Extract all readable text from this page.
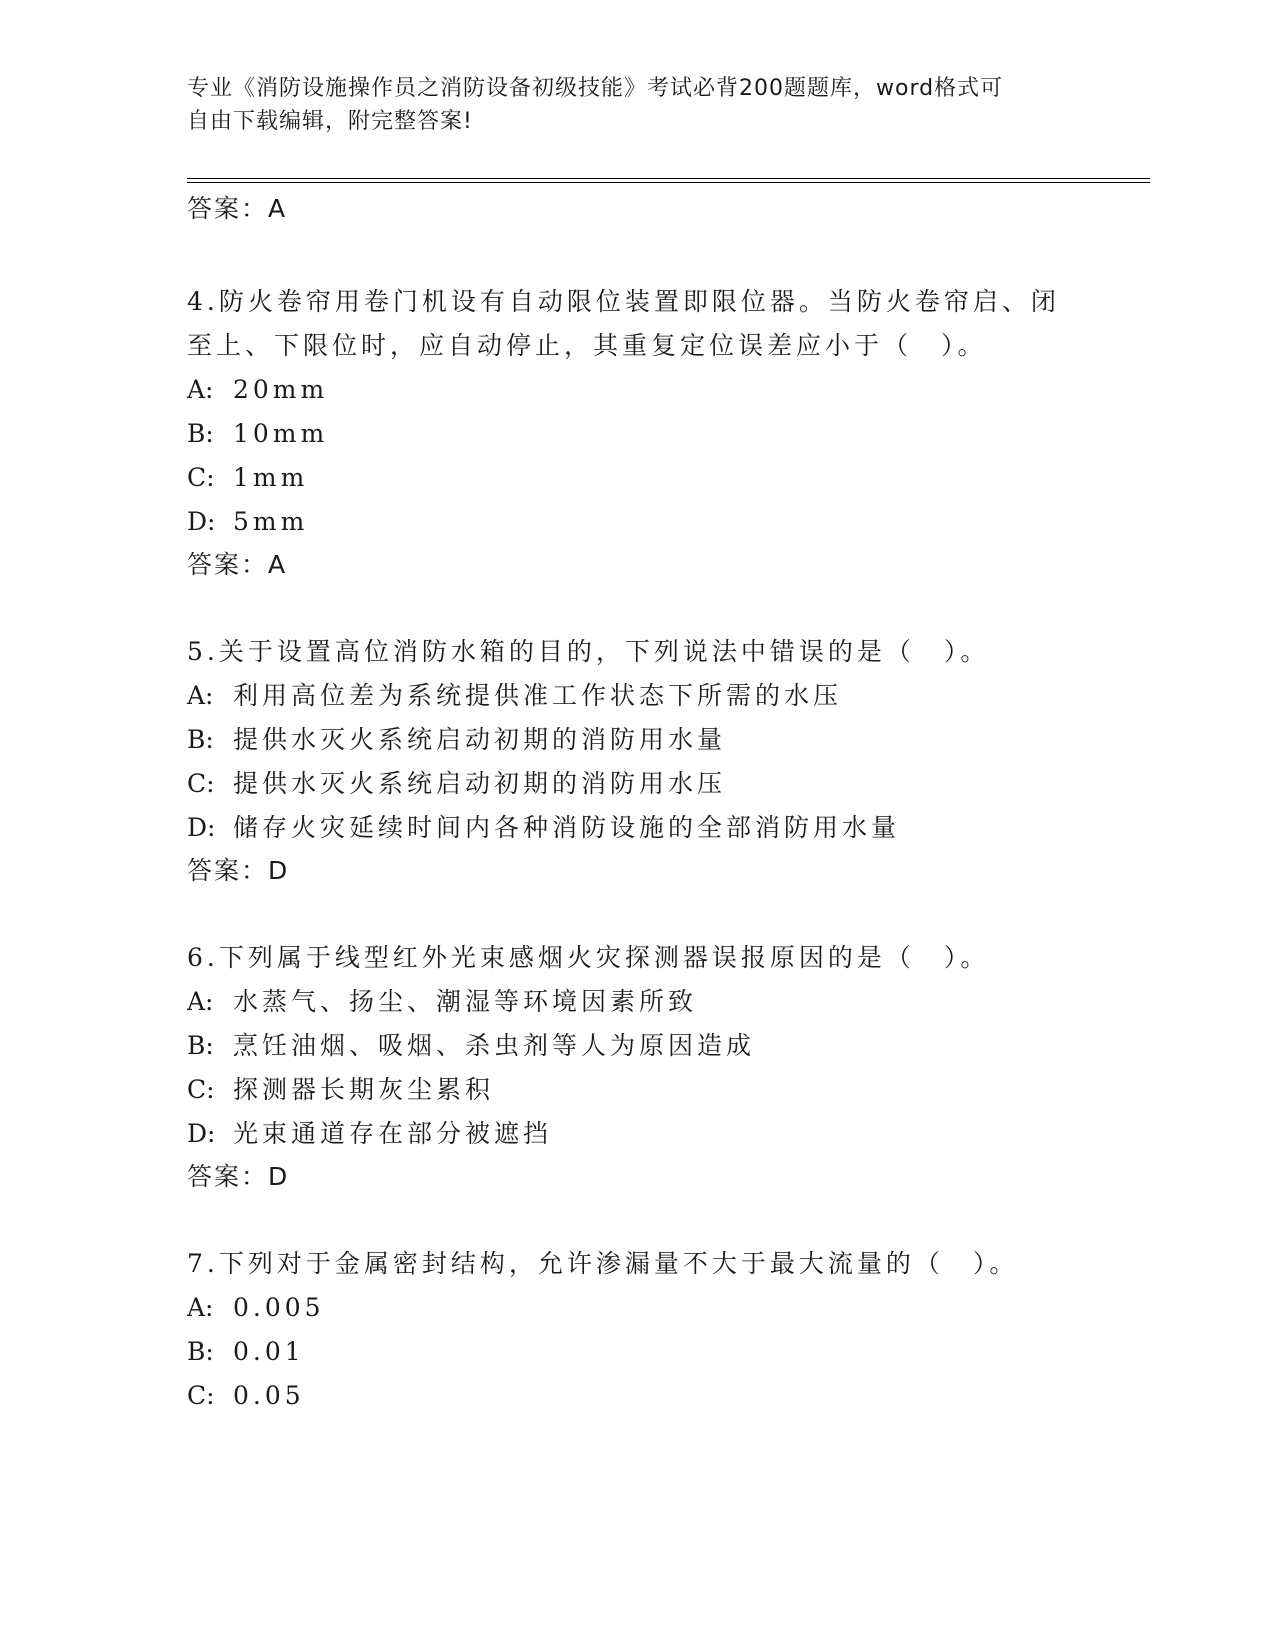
专业《消防设施操作员之消防设备初级技能》考试必背200题题库，word格式可
自由下载编辑，附完整答案!
答案：A
4.防火卷帘用卷门机设有自动限位装置即限位器。当防火卷帘启、闭
至上、下限位时，应自动停止，其重复定位误差应小于（　）。
A: 20mm
B: 10mm
C: 1mm
D: 5mm
答案：A
5.关于设置高位消防水箱的目的，下列说法中错误的是（　）。
A: 利用高位差为系统提供准工作状态下所需的水压
B: 提供水灭火系统启动初期的消防用水量
C: 提供水灭火系统启动初期的消防用水压
D: 储存火灾延续时间内各种消防设施的全部消防用水量
答案：D
6.下列属于线型红外光束感烟火灾探测器误报原因的是（　）。
A: 水蒸气、扬尘、潮湿等环境因素所致
B: 烹饪油烟、吸烟、杀虫剂等人为原因造成
C: 探测器长期灰尘累积
D: 光束通道存在部分被遮挡
答案：D
7.下列对于金属密封结构，允许渗漏量不大于最大流量的（　）。
A: 0.005
B: 0.01
C: 0.05
